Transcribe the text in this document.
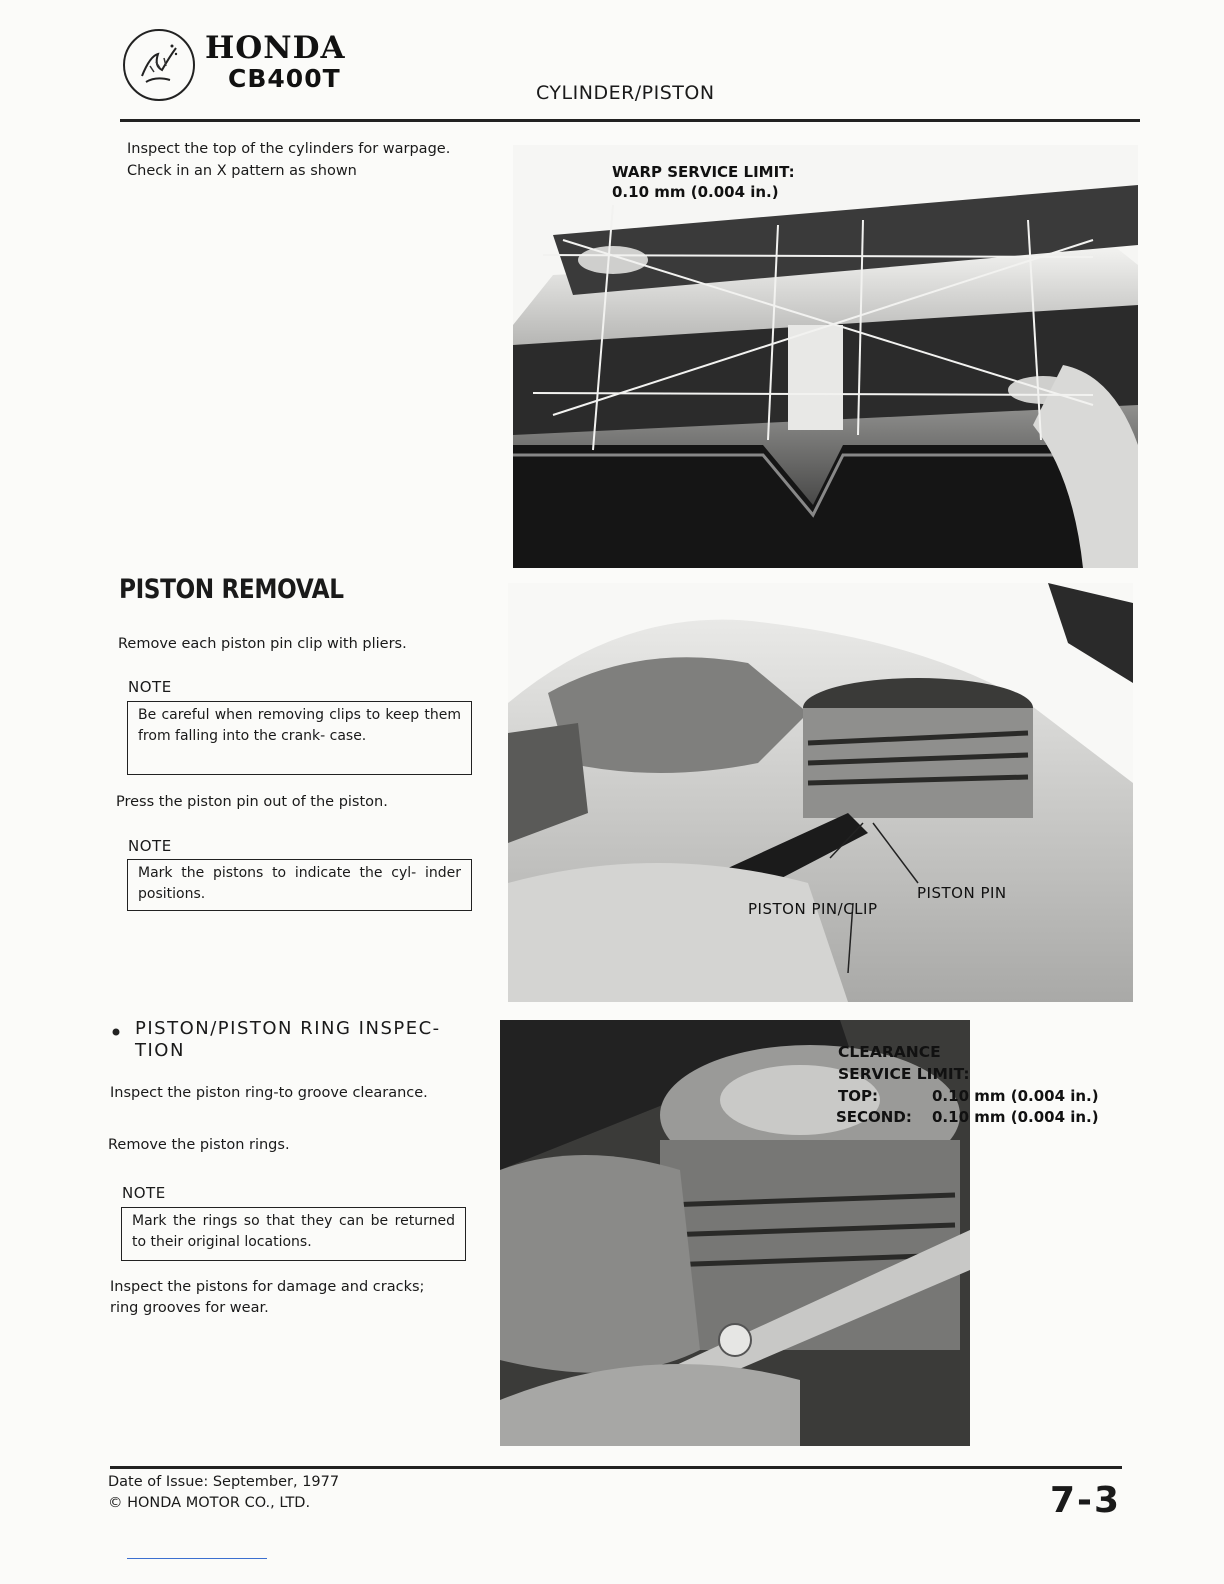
HONDA
CB400T	CYLINDER/PISTON
Inspect the top of the cylinders for warpage.
Check in an X pattern as shown	WARP SERVICE LIMIT:
0.10 mm (0.004 in.)
PISTON REMOVAL
Remove each piston pin clip with pliers.
NOTE
Be careful when removing clips to keep them from falling into the crank- case.
Press the piston pin out of the piston.
NOTE
Mark the pistons to indicate the cyl- inder positions.
PISTON PIN/CLIP
PISTON PIN
PISTON/PISTON RING INSPEC-
TION
Inspect the piston ring-to groove clearance.
Remove the piston rings.
NOTE
Mark the rings so that they can be returned to their original locations.
Inspect the pistons for damage and cracks;
ring grooves for wear.
CLEARANCE
SERVICE LIMIT:
TOP:	0.10 mm (0.004 in.)
SECOND: 0.10 mm (0.004 in.)
Date of Issue: September, 1977
© HONDA MOTOR CO., LTD.	7-3
